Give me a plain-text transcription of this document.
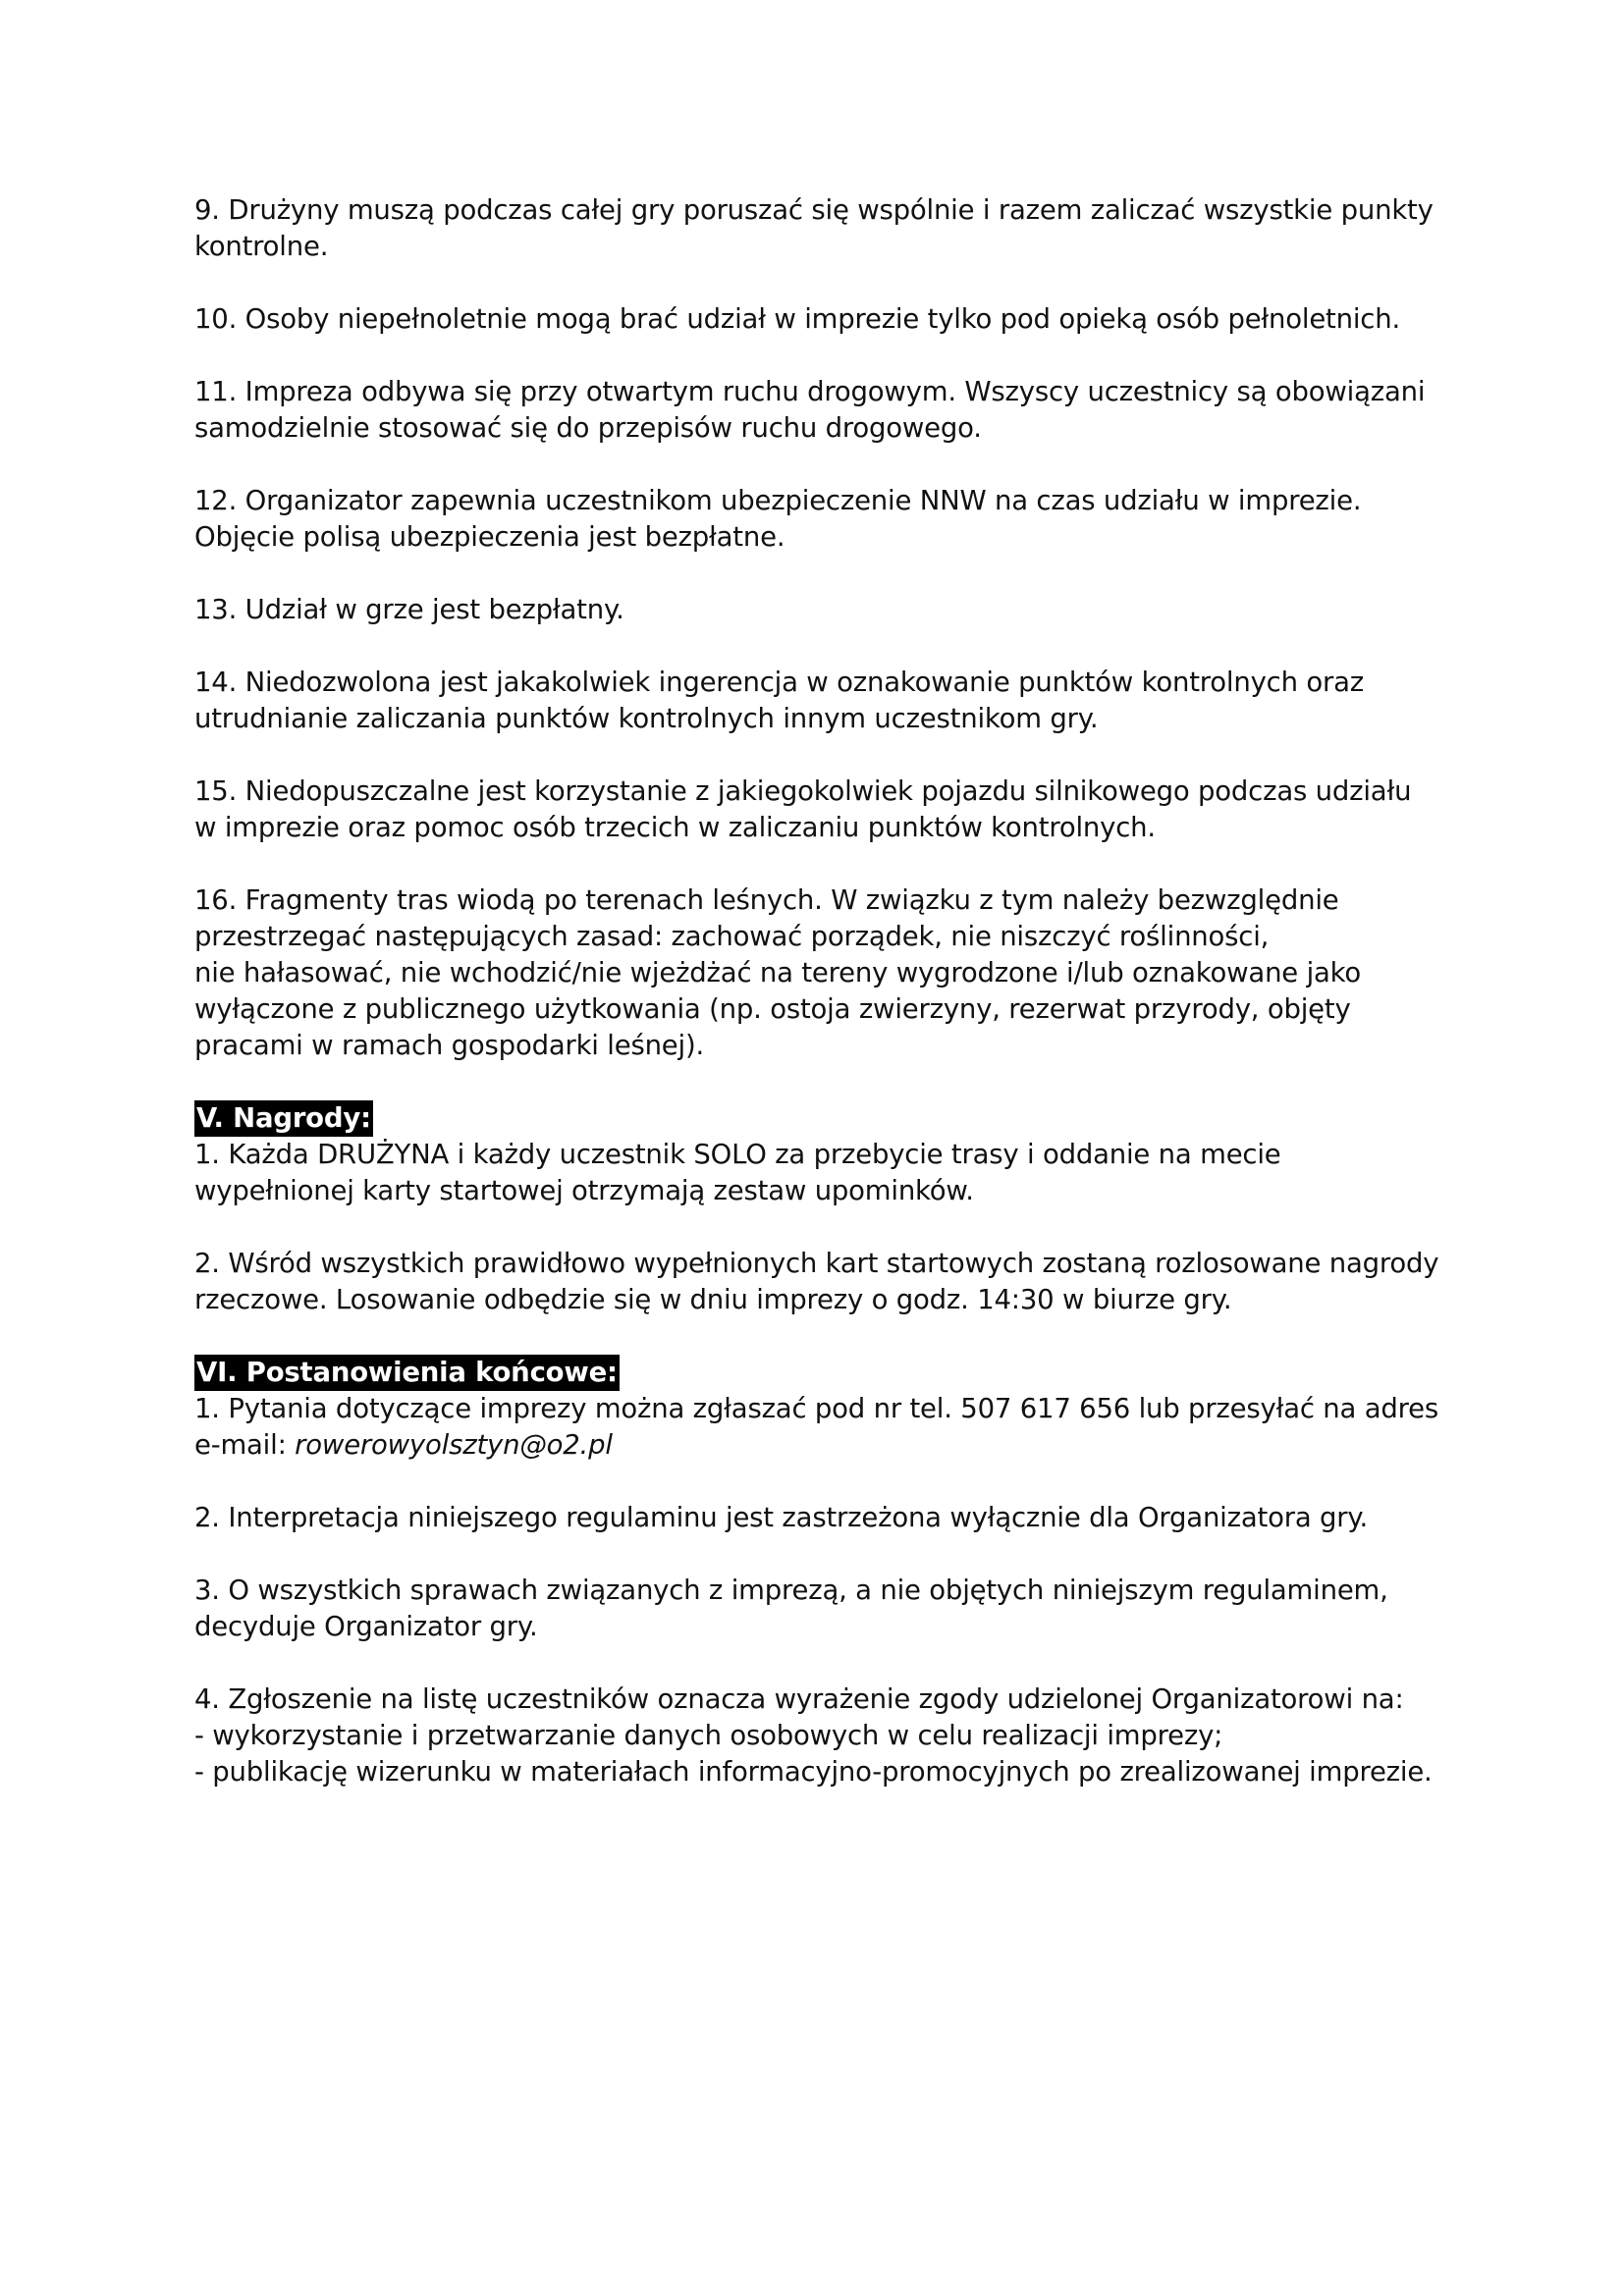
9. Drużyny muszą podczas całej gry poruszać się wspólnie i razem zaliczać wszystkie punkty
kontrolne.
10. Osoby niepełnoletnie mogą brać udział w imprezie tylko pod opieką osób pełnoletnich.
11. Impreza odbywa się przy otwartym ruchu drogowym. Wszyscy uczestnicy są obowiązani
samodzielnie stosować się do przepisów ruchu drogowego.
12. Organizator zapewnia uczestnikom ubezpieczenie NNW na czas udziału w imprezie.
Objęcie polisą ubezpieczenia jest bezpłatne.
13. Udział w grze jest bezpłatny.
14. Niedozwolona jest jakakolwiek ingerencja w oznakowanie punktów kontrolnych oraz
utrudnianie zaliczania punktów kontrolnych innym uczestnikom gry.
15. Niedopuszczalne jest korzystanie z jakiegokolwiek pojazdu silnikowego podczas udziału
w imprezie oraz pomoc osób trzecich w zaliczaniu punktów kontrolnych.
16. Fragmenty tras wiodą po terenach leśnych. W związku z tym należy bezwzględnie
przestrzegać następujących zasad: zachować porządek, nie niszczyć roślinności,
nie hałasować, nie wchodzić/nie wjeżdżać na tereny wygrodzone i/lub oznakowane jako
wyłączone z publicznego użytkowania (np. ostoja zwierzyny, rezerwat przyrody, objęty
pracami w ramach gospodarki leśnej).
V. Nagrody:
1. Każda DRUŻYNA i każdy uczestnik SOLO za przebycie trasy i oddanie na mecie
wypełnionej karty startowej otrzymają zestaw upominków.
2. Wśród wszystkich prawidłowo wypełnionych kart startowych zostaną rozlosowane nagrody
rzeczowe. Losowanie odbędzie się w dniu imprezy o godz. 14:30 w biurze gry.
VI. Postanowienia końcowe:
1. Pytania dotyczące imprezy można zgłaszać pod nr tel. 507 617 656 lub przesyłać na adres
e-mail: rowerowyolsztyn@o2.pl
2. Interpretacja niniejszego regulaminu jest zastrzeżona wyłącznie dla Organizatora gry.
3. O wszystkich sprawach związanych z imprezą, a nie objętych niniejszym regulaminem,
decyduje Organizator gry.
4. Zgłoszenie na listę uczestników oznacza wyrażenie zgody udzielonej Organizatorowi na:
- wykorzystanie i przetwarzanie danych osobowych w celu realizacji imprezy;
- publikację wizerunku w materiałach informacyjno-promocyjnych po zrealizowanej imprezie.
